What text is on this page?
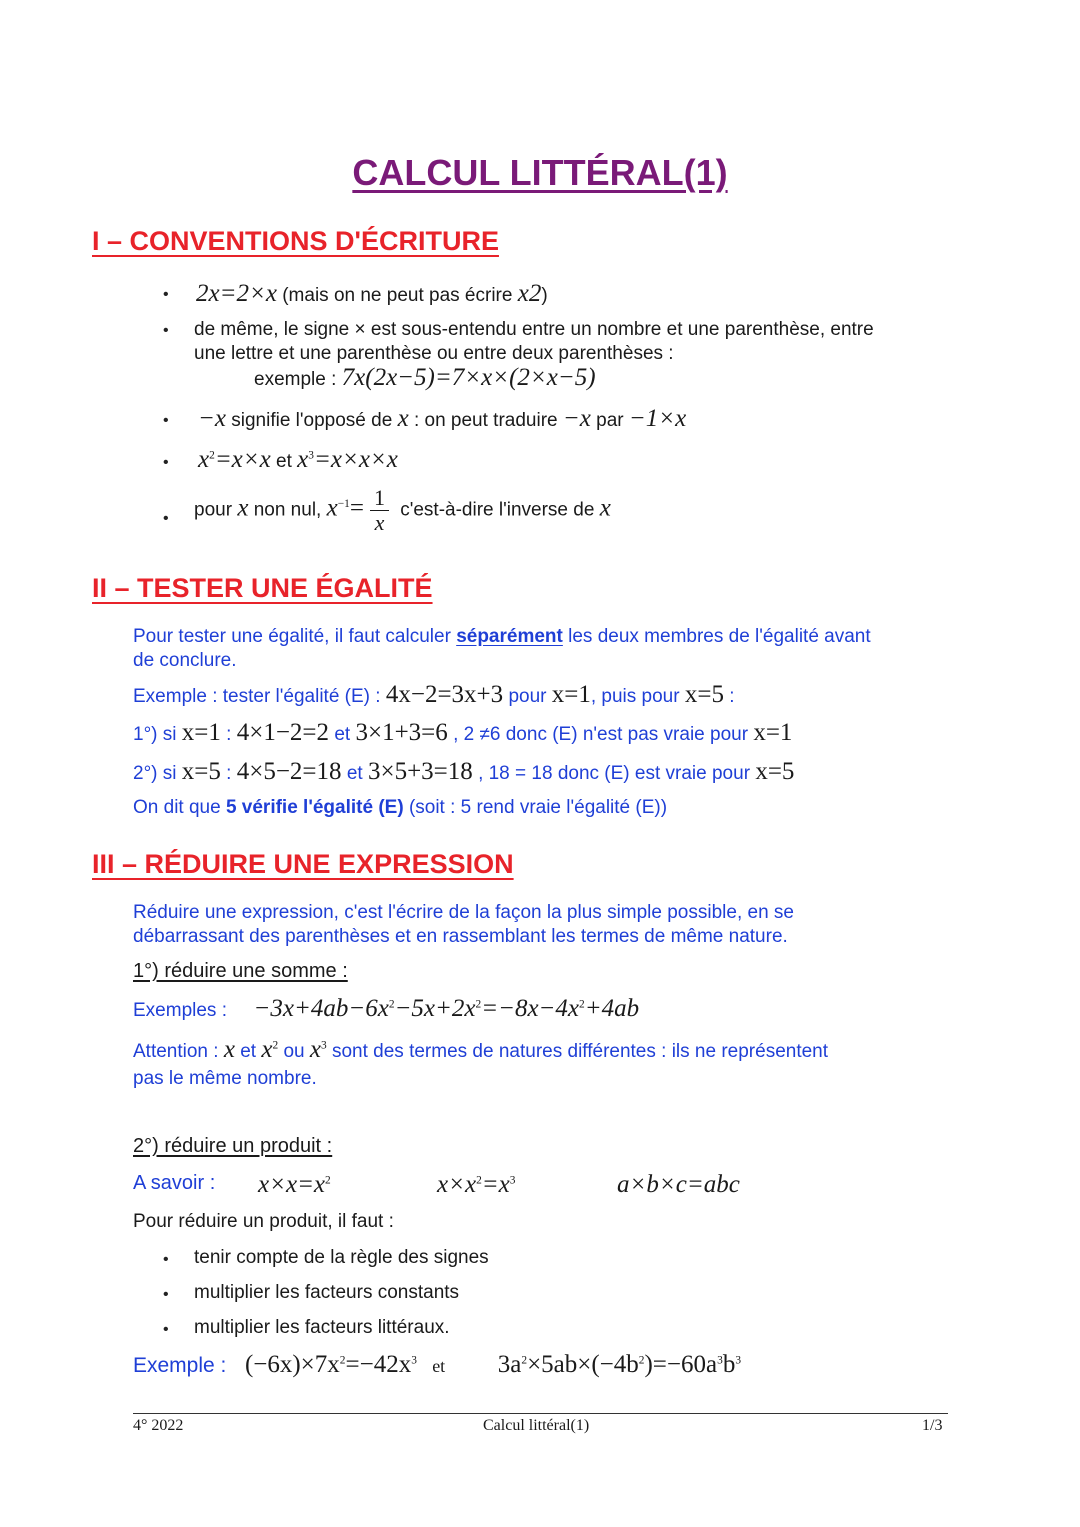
CALCUL LITTÉRAL(1)
I – CONVENTIONS D'ÉCRITURE
• 2x=2×x (mais on ne peut pas écrire x2)
• de même, le signe × est sous-entendu entre un nombre et une parenthèse, entre
une lettre et une parenthèse ou entre deux parenthèses :
exemple : 7x(2x−5)=7×x×(2×x−5)
• −x signifie l'opposé de x : on peut traduire −x par −1×x
• $x^2=x\times x$ et $x^3=x\times x\times x$
• pour x non nul, $x^{-1}= \frac{1}{x}$ c'est-à-dire l'inverse de x
II – TESTER UNE ÉGALITÉ
Pour tester une égalité, il faut calculer séparément les deux membres de l'égalité avant
de conclure.
Exemple : tester l'égalité (E) : 4x−2=3x+3 pour x=1, puis pour x=5 :
1°) si x=1 : 4×1−2=2 et 3×1+3=6 , 2 ≠6 donc (E) n'est pas vraie pour x=1
2°) si x=5 : 4×5−2=18 et 3×5+3=18 , 18 = 18 donc (E) est vraie pour x=5
On dit que 5 vérifie l'égalité (E) (soit : 5 rend vraie l'égalité (E))
III – RÉDUIRE UNE EXPRESSION
Réduire une expression, c'est l'écrire de la façon la plus simple possible, en se
débarrassant des parenthèses et en rassemblant les termes de même nature.
1°) réduire une somme :
Exemples : $-3x+4ab-6x^2-5x+2x^2=-8x-4x^2+4ab$
Attention : x et $x^2$ ou $x^3$ sont des termes de natures différentes : ils ne représentent
pas le même nombre.
2°) réduire un produit :
A savoir : $x\times x=x^2$	$x\times x^2=x^3$	a×b×c=abc
Pour réduire un produit, il faut :
• tenir compte de la règle des signes
• multiplier les facteurs constants
• multiplier les facteurs littéraux.
Exemple : $(-6x)\times 7x^2=-42x^3$ et $3a^2\times 5ab\times(-4b^2)=-60a^3b^3$
4° 2022	Calcul littéral(1)	1/3
